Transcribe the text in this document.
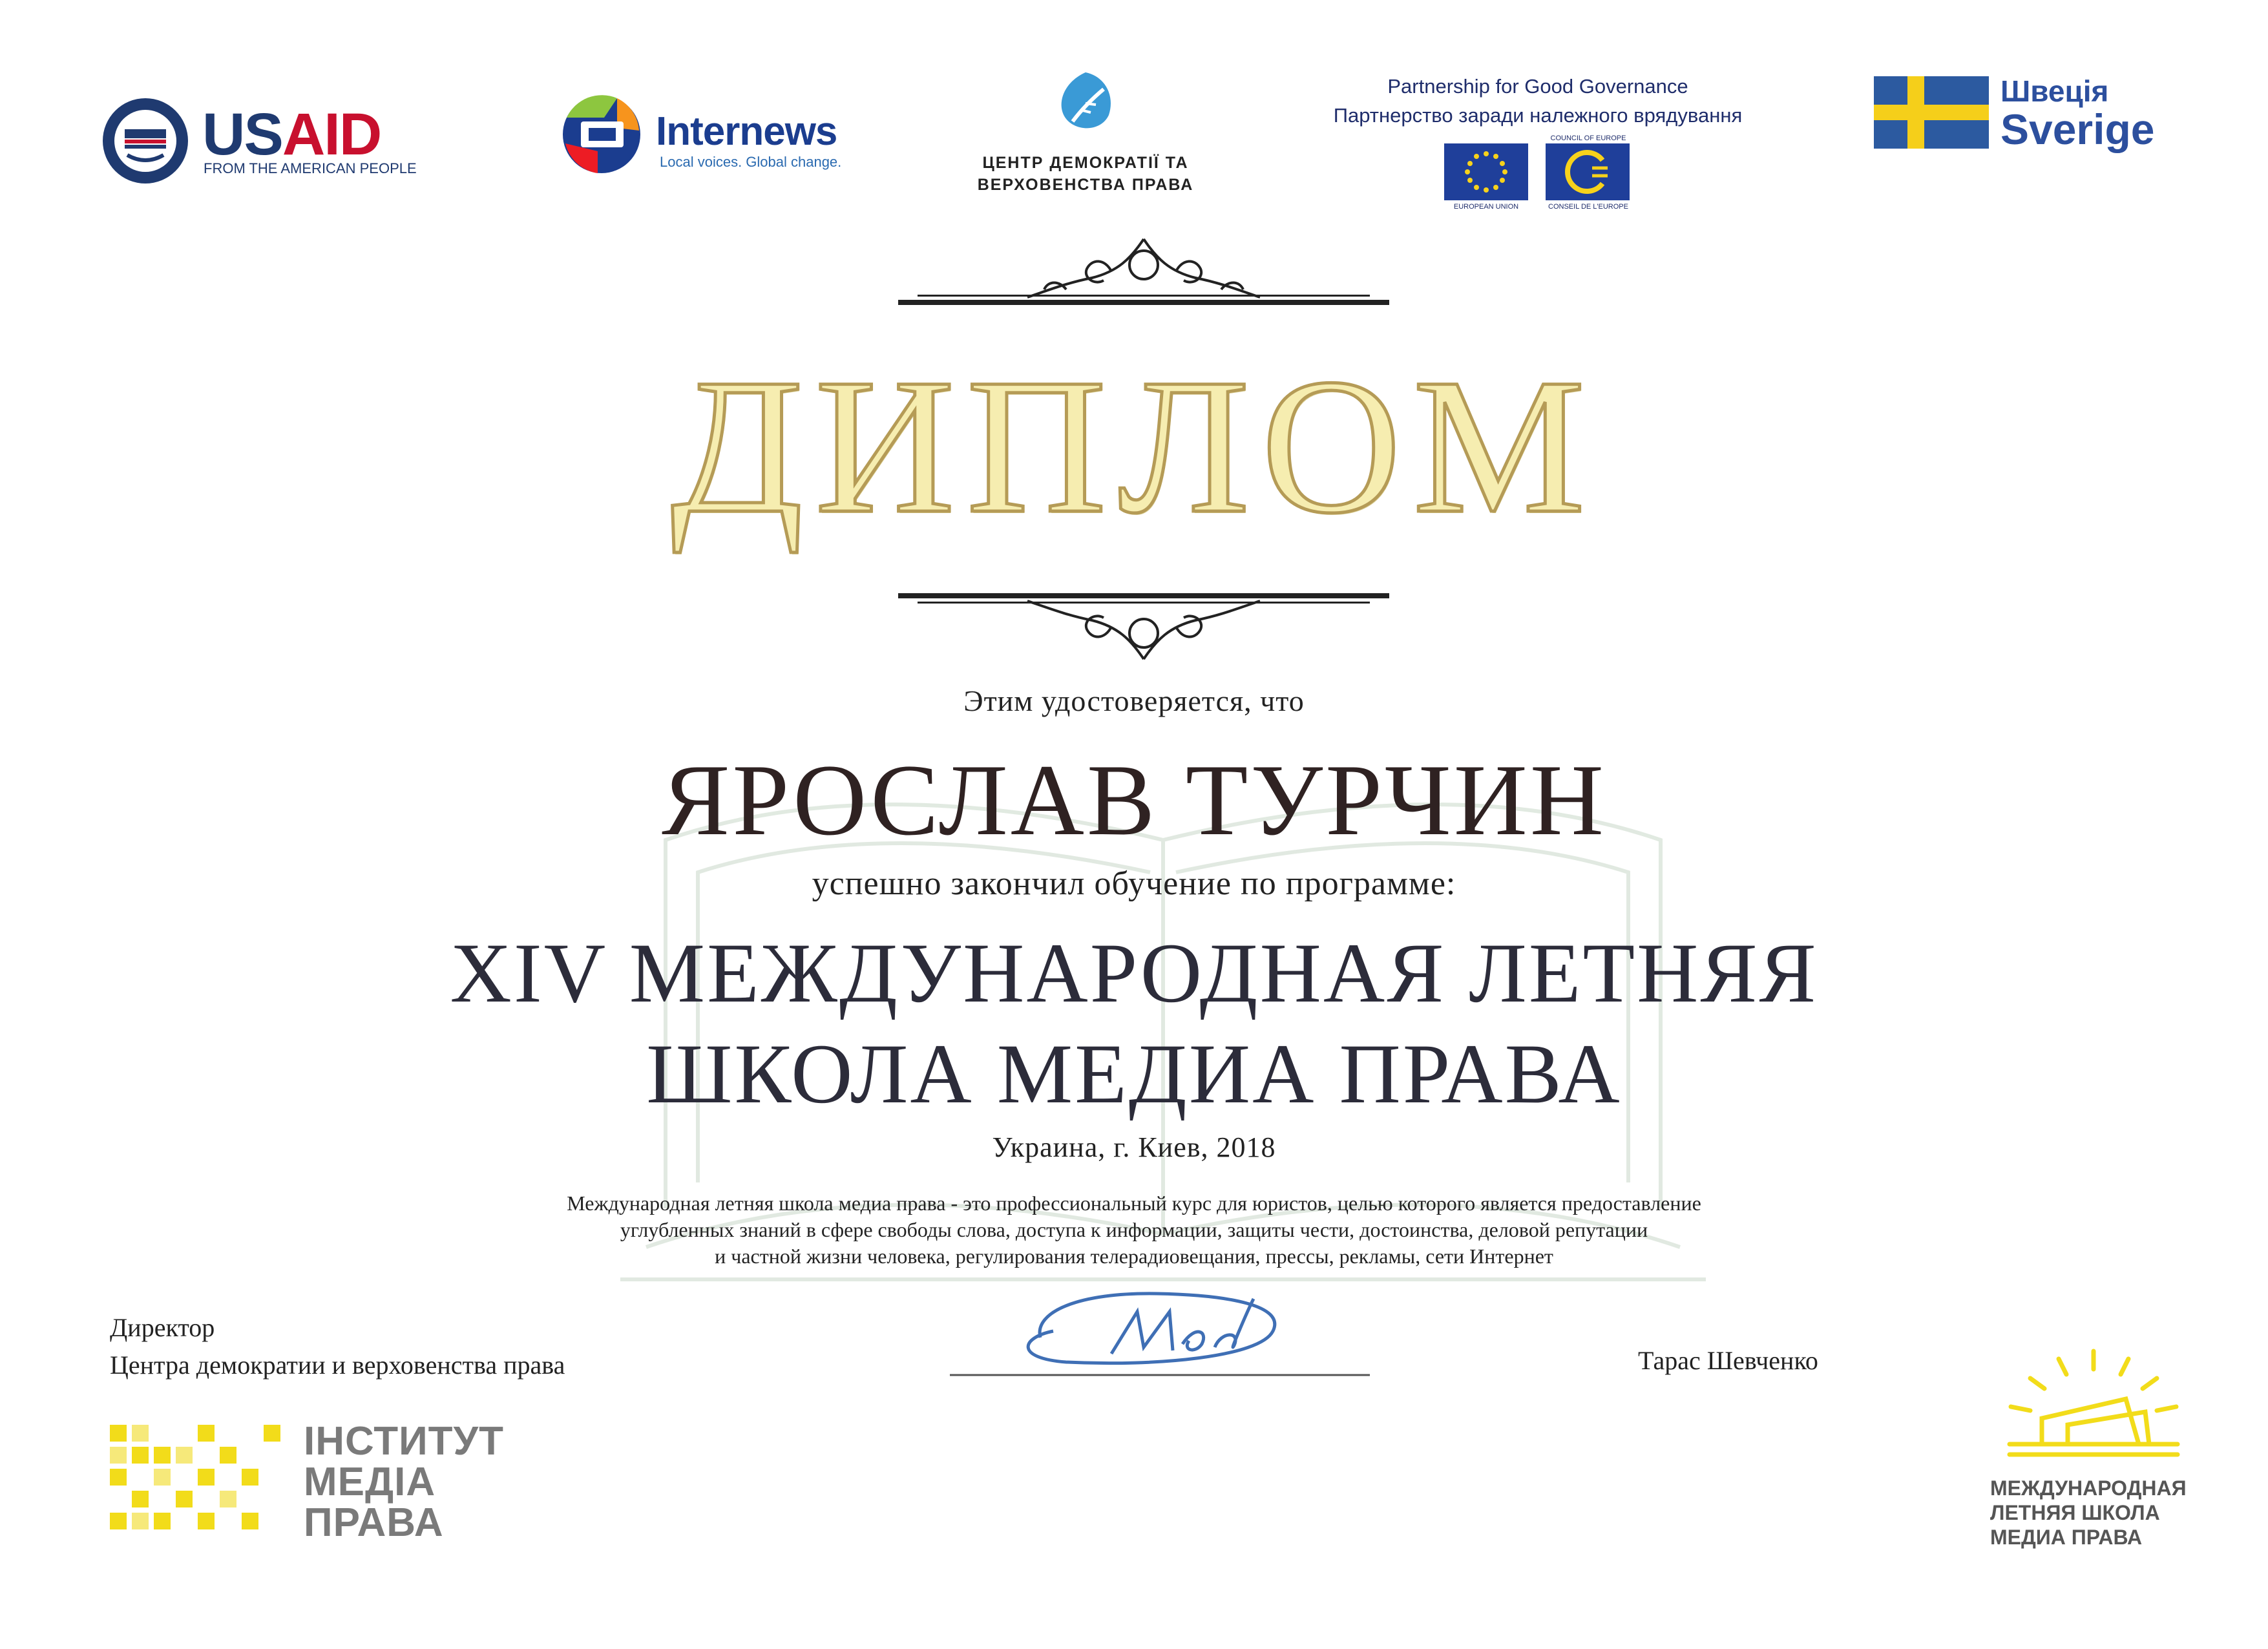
USAID
FROM THE AMERICAN PEOPLE
Internews
Local voices. Global change.	ЦЕНТР ДЕМОКРАТІЇ ТА
ВЕРХОВЕНСТВА ПРАВА
Partnership for Good Governance
Партнерство заради належного врядування
EUROPEAN UNION
COUNCIL OF EUROPE
CONSEIL DE L'EUROPE
Швеція
Sverige
ДИПЛОМ
Этим удостоверяется, что
ЯРОСЛАВ ТУРЧИН
успешно закончил обучение по программе:
XIV МЕЖДУНАРОДНАЯ ЛЕТНЯЯ
ШКОЛА МЕДИА ПРАВА
Украина, г. Киев, 2018
Международная летняя школа медиа права - это профессиональный курс для юристов, целью которого является предоставление
углубленных знаний в сфере свободы слова, доступа к информации, защиты чести, достоинства, деловой репутации
и частной жизни человека, регулирования телерадиовещания, прессы, рекламы, сети Интернет
Директор
Центра демократии и верховенства права	Тарас Шевченко
ІНСТИТУТ
МЕДІА
ПРАВА
МЕЖДУНАРОДНАЯ
ЛЕТНЯЯ ШКОЛА
МЕДИА ПРАВА
